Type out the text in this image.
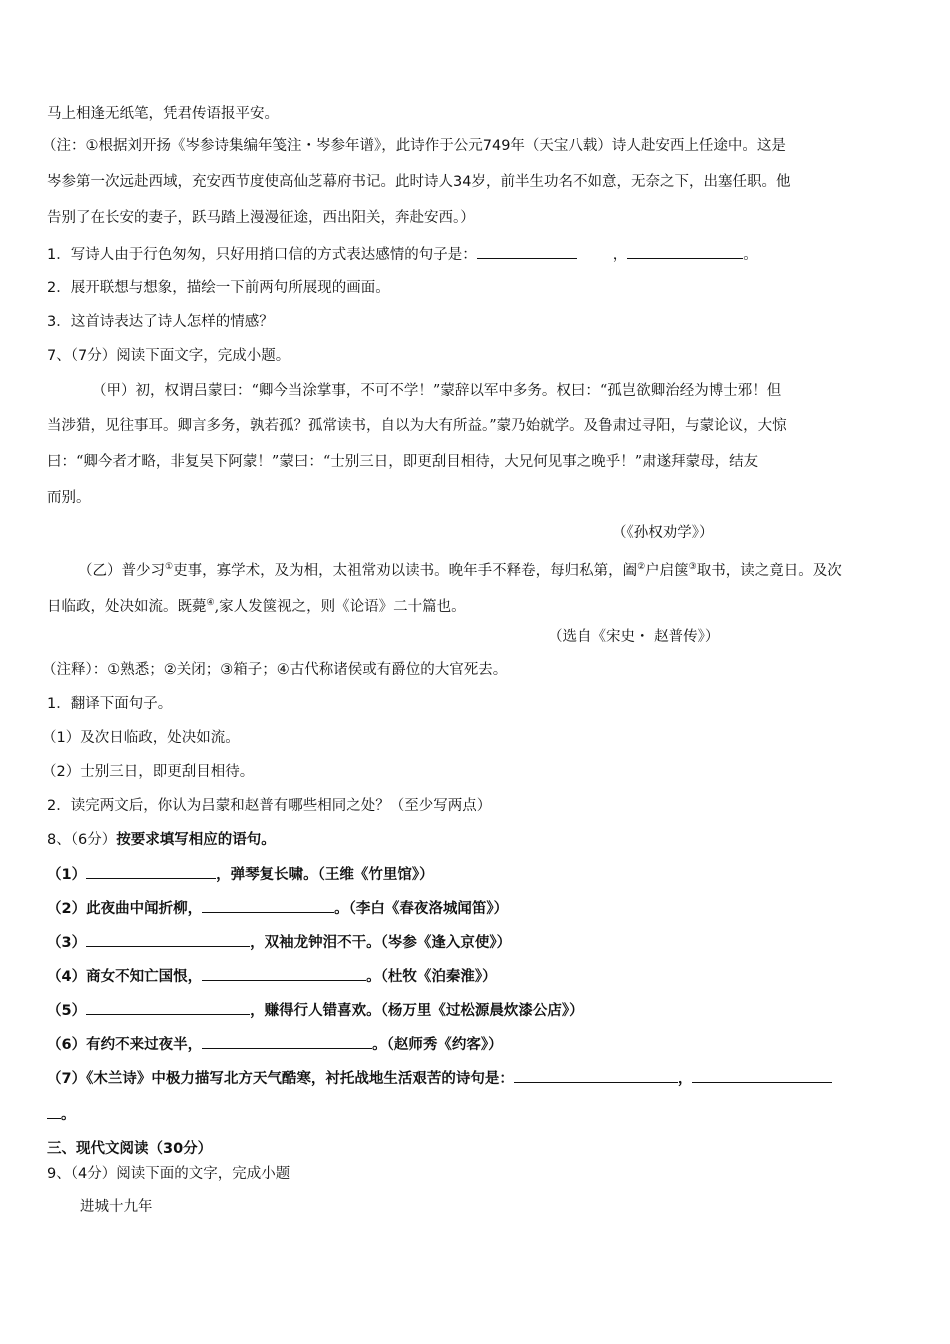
马上相逢无纸笔，凭君传语报平安。
（注：①根据刘开扬《岑参诗集编年笺注・岑参年谱》，此诗作于公元749年（天宝八载）诗人赴安西上任途中。这是
岑参第一次远赴西域，充安西节度使高仙芝幕府书记。此时诗人34岁，前半生功名不如意，无奈之下，出塞任职。他
告别了在长安的妻子，跃马踏上漫漫征途，西出阳关，奔赴安西。）
1．写诗人由于行色匆匆，只好用捎口信的方式表达感情的句子是：	，	。
2．展开联想与想象，描绘一下前两句所展现的画面。
3．这首诗表达了诗人怎样的情感？
7、（7分）阅读下面文字，完成小题。
（甲）初，权谓吕蒙曰：“卿今当涂掌事，不可不学！”蒙辞以军中多务。权曰：“孤岂欲卿治经为博士邪！但
当涉猎，见往事耳。卿言多务，孰若孤？孤常读书，自以为大有所益。”蒙乃始就学。及鲁肃过寻阳，与蒙论议，大惊
曰：“卿今者才略，非复吴下阿蒙！”蒙曰：“士别三日，即更刮目相待，大兄何见事之晚乎！”肃遂拜蒙母，结友
而别。
（《孙权劝学》）
（乙）普少习①吏事，寡学术，及为相，太祖常劝以读书。晚年手不释卷，每归私第，阖②户启箧③取书，读之竟日。及次
日临政，处决如流。既薨④,家人发箧视之，则《论语》二十篇也。
（选自《宋史・ 赵普传》）
（注释）：①熟悉；②关闭；③箱子；④古代称诸侯或有爵位的大官死去。
1．翻译下面句子。
（1）及次日临政，处决如流。
（2）士别三日，即更刮目相待。
2．读完两文后，你认为吕蒙和赵普有哪些相同之处？（至少写两点）
8、（6分）按要求填写相应的语句。
（1）	，弹琴复长啸。（王维《竹里馆》）
（2）此夜曲中闻折柳，	。（李白《春夜洛城闻笛》）
（3）	，双袖龙钟泪不干。（岑参《逢入京使》）
（4）商女不知亡国恨，	。（杜牧《泊秦淮》）
（5）	，赚得行人错喜欢。（杨万里《过松源晨炊漆公店》）
（6）有约不来过夜半，	。（赵师秀《约客》）
（7）《木兰诗》中极力描写北方天气酷寒，衬托战地生活艰苦的诗句是：	，
。
三、现代文阅读（30分）
9、（4分）阅读下面的文字，完成小题
进城十九年
